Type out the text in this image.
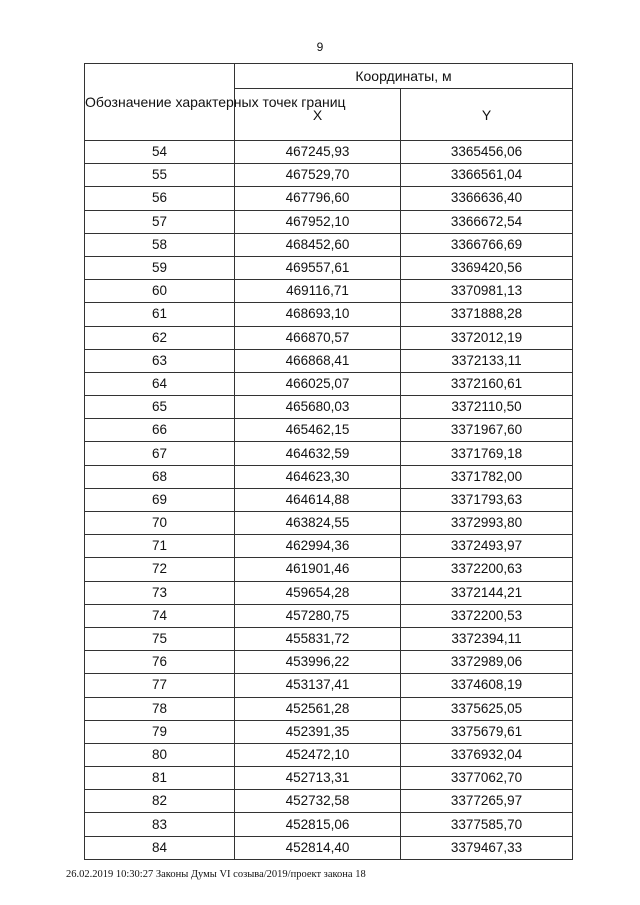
9
Обозначение характерных точек границ	Координаты, м	
	X	Y
54	467245,93	3365456,06
55	467529,70	3366561,04
56	467796,60	3366636,40
57	467952,10	3366672,54
58	468452,60	3366766,69
59	469557,61	3369420,56
60	469116,71	3370981,13
61	468693,10	3371888,28
62	466870,57	3372012,19
63	466868,41	3372133,11
64	466025,07	3372160,61
65	465680,03	3372110,50
66	465462,15	3371967,60
67	464632,59	3371769,18
68	464623,30	3371782,00
69	464614,88	3371793,63
70	463824,55	3372993,80
71	462994,36	3372493,97
72	461901,46	3372200,63
73	459654,28	3372144,21
74	457280,75	3372200,53
75	455831,72	3372394,11
76	453996,22	3372989,06
77	453137,41	3374608,19
78	452561,28	3375625,05
79	452391,35	3375679,61
80	452472,10	3376932,04
81	452713,31	3377062,70
82	452732,58	3377265,97
83	452815,06	3377585,70
84	452814,40	3379467,33
26.02.2019 10:30:27 Законы Думы VI созыва/2019/проект закона 18
